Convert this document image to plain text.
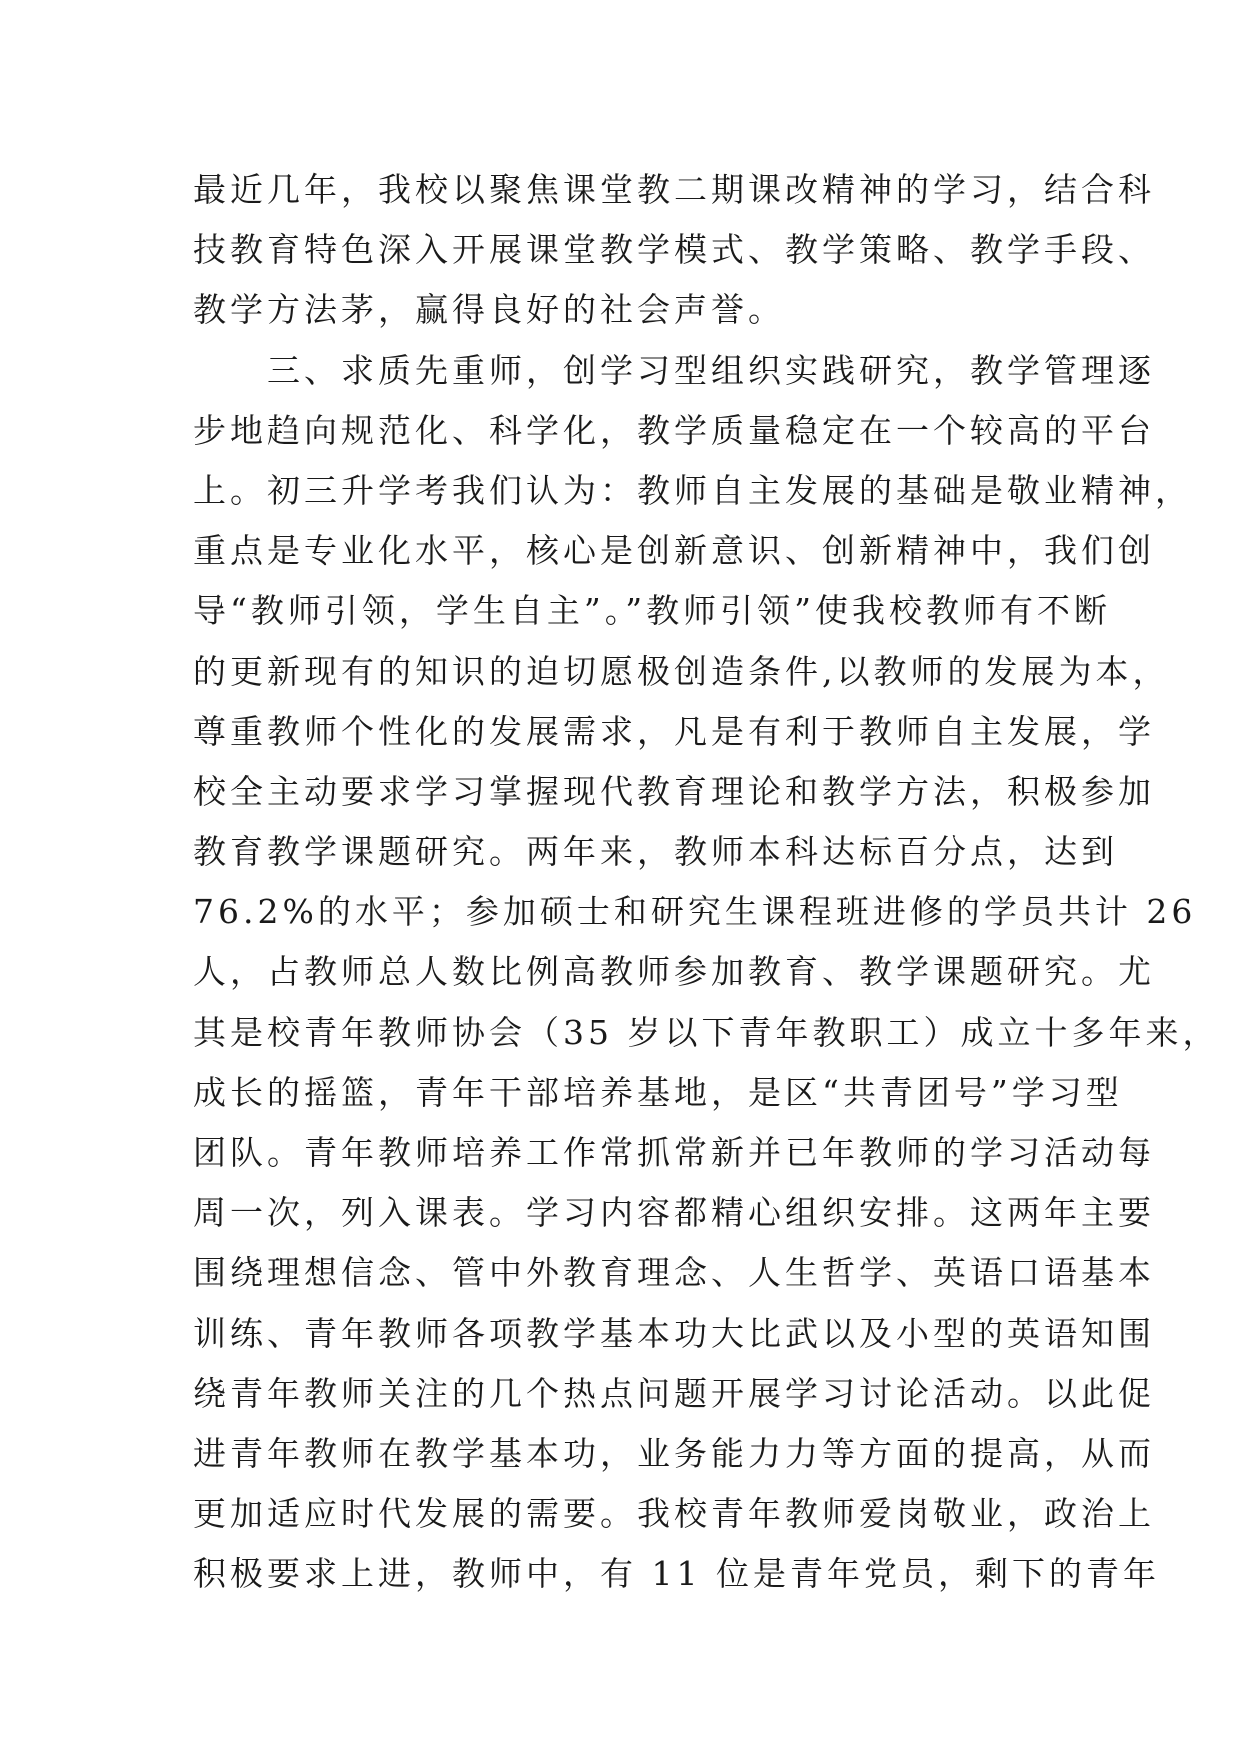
最近几年，我校以聚焦课堂教二期课改精神的学习，结合科
技教育特色深入开展课堂教学模式、教学策略、教学手段、
教学方法茅，赢得良好的社会声誉。
　　三、求质先重师，创学习型组织实践研究，教学管理逐
步地趋向规范化、科学化，教学质量稳定在一个较高的平台
上。初三升学考我们认为：教师自主发展的基础是敬业精神，
重点是专业化水平，核心是创新意识、创新精神中，我们创
导“教师引领，学生自主”。”教师引领”使我校教师有不断
的更新现有的知识的迫切愿极创造条件,以教师的发展为本，
尊重教师个性化的发展需求，凡是有利于教师自主发展，学
校全主动要求学习掌握现代教育理论和教学方法，积极参加
教育教学课题研究。两年来，教师本科达标百分点，达到
76.2%的水平；参加硕士和研究生课程班进修的学员共计 26
人，占教师总人数比例高教师参加教育、教学课题研究。尤
其是校青年教师协会（35 岁以下青年教职工）成立十多年来，
成长的摇篮，青年干部培养基地，是区“共青团号”学习型
团队。青年教师培养工作常抓常新并已年教师的学习活动每
周一次，列入课表。学习内容都精心组织安排。这两年主要
围绕理想信念、管中外教育理念、人生哲学、英语口语基本
训练、青年教师各项教学基本功大比武以及小型的英语知围
绕青年教师关注的几个热点问题开展学习讨论活动。以此促
进青年教师在教学基本功，业务能力力等方面的提高，从而
更加适应时代发展的需要。我校青年教师爱岗敬业，政治上
积极要求上进，教师中，有 11 位是青年党员，剩下的青年
